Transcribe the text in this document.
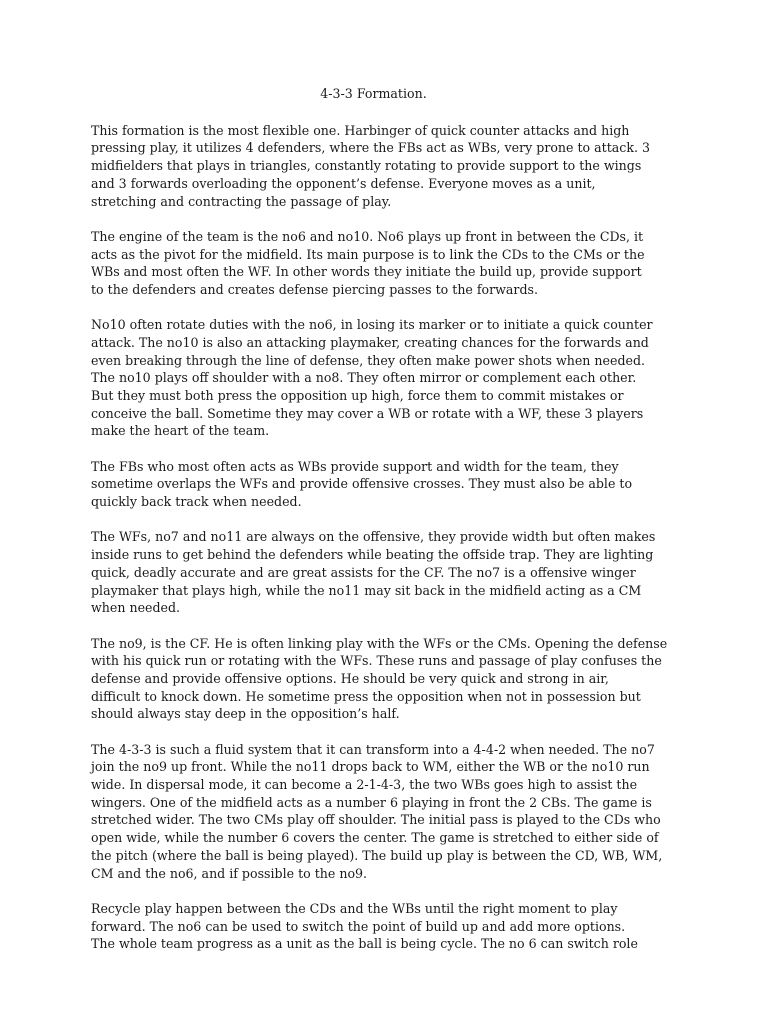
4-3-3 Formation.
This formation is the most flexible one. Harbinger of quick counter attacks and high
pressing play, it utilizes 4 defenders, where the FBs act as WBs, very prone to attack. 3
midfielders that plays in triangles, constantly rotating to provide support to the wings
and 3 forwards overloading the opponent’s defense. Everyone moves as a unit,
stretching and contracting the passage of play.
The engine of the team is the no6 and no10. No6 plays up front in between the CDs, it
acts as the pivot for the midfield. Its main purpose is to link the CDs to the CMs or the
WBs and most often the WF. In other words they initiate the build up, provide support
to the defenders and creates defense piercing passes to the forwards.
No10 often rotate duties with the no6, in losing its marker or to initiate a quick counter
attack. The no10 is also an attacking playmaker, creating chances for the forwards and
even breaking through the line of defense, they often make power shots when needed.
The no10 plays off shoulder with a no8. They often mirror or complement each other.
But they must both press the opposition up high, force them to commit mistakes or
conceive the ball. Sometime they may cover a WB or rotate with a WF, these 3 players
make the heart of the team.
The FBs who most often acts as WBs provide support and width for the team, they
sometime overlaps the WFs and provide offensive crosses. They must also be able to
quickly back track when needed.
The WFs, no7 and no11 are always on the offensive, they provide width but often makes
inside runs to get behind the defenders while beating the offside trap. They are lighting
quick, deadly accurate and are great assists for the CF. The no7 is a offensive winger
playmaker that plays high, while the no11 may sit back in the midfield acting as a CM
when needed.
The no9, is the CF. He is often linking play with the WFs or the CMs. Opening the defense
with his quick run or rotating with the WFs. These runs and passage of play confuses the
defense and provide offensive options. He should be very quick and strong in air,
difficult to knock down. He sometime press the opposition when not in possession but
should always stay deep in the opposition’s half.
The 4-3-3 is such a fluid system that it can transform into a 4-4-2 when needed. The no7
join the no9 up front. While the no11 drops back to WM, either the WB or the no10 run
wide. In dispersal mode, it can become a 2-1-4-3, the two WBs goes high to assist the
wingers. One of the midfield acts as a number 6 playing in front the 2 CBs. The game is
stretched wider. The two CMs play off shoulder. The initial pass is played to the CDs who
open wide, while the number 6 covers the center. The game is stretched to either side of
the pitch (where the ball is being played). The build up play is between the CD, WB, WM,
CM and the no6, and if possible to the no9.
Recycle play happen between the CDs and the WBs until the right moment to play
forward. The no6 can be used to switch the point of build up and add more options.
The whole team progress as a unit as the ball is being cycle. The no 6 can switch role
